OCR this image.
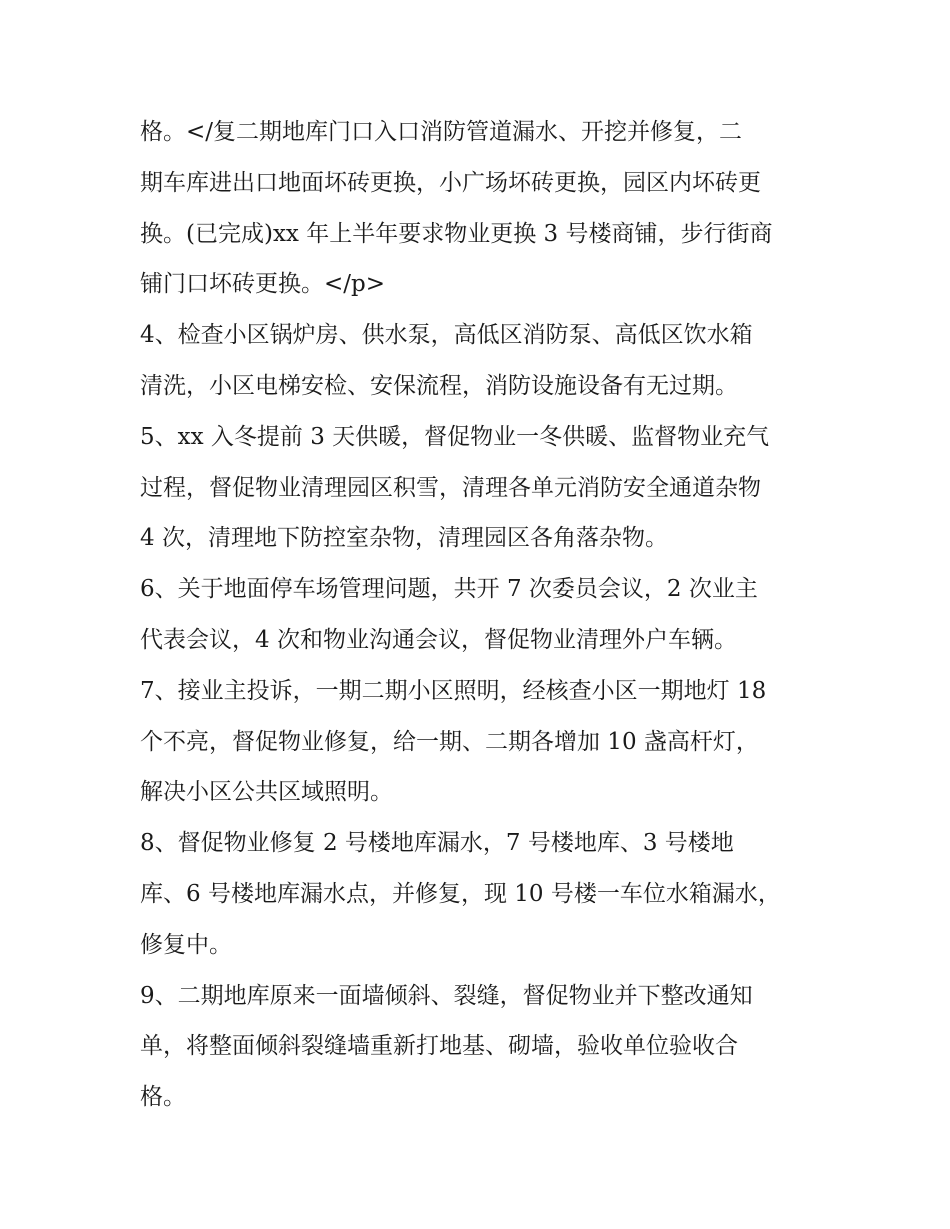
格。</复二期地库门口入口消防管道漏水、开挖并修复，二
期车库进出口地面坏砖更换，小广场坏砖更换，园区内坏砖更
换。(已完成)xx 年上半年要求物业更换 3 号楼商铺，步行街商
铺门口坏砖更换。</p>
4、检查小区锅炉房、供水泵，高低区消防泵、高低区饮水箱
清洗，小区电梯安检、安保流程，消防设施设备有无过期。
5、xx 入冬提前 3 天供暖，督促物业一冬供暖、监督物业充气
过程，督促物业清理园区积雪，清理各单元消防安全通道杂物
4 次，清理地下防控室杂物，清理园区各角落杂物。
6、关于地面停车场管理问题，共开 7 次委员会议，2 次业主
代表会议，4 次和物业沟通会议，督促物业清理外户车辆。
7、接业主投诉，一期二期小区照明，经核查小区一期地灯 18
个不亮，督促物业修复，给一期、二期各增加 10 盏高杆灯，
解决小区公共区域照明。
8、督促物业修复 2 号楼地库漏水，7 号楼地库、3 号楼地
库、6 号楼地库漏水点，并修复，现 10 号楼一车位水箱漏水，
修复中。
9、二期地库原来一面墙倾斜、裂缝，督促物业并下整改通知
单，将整面倾斜裂缝墙重新打地基、砌墙，验收单位验收合
格。
